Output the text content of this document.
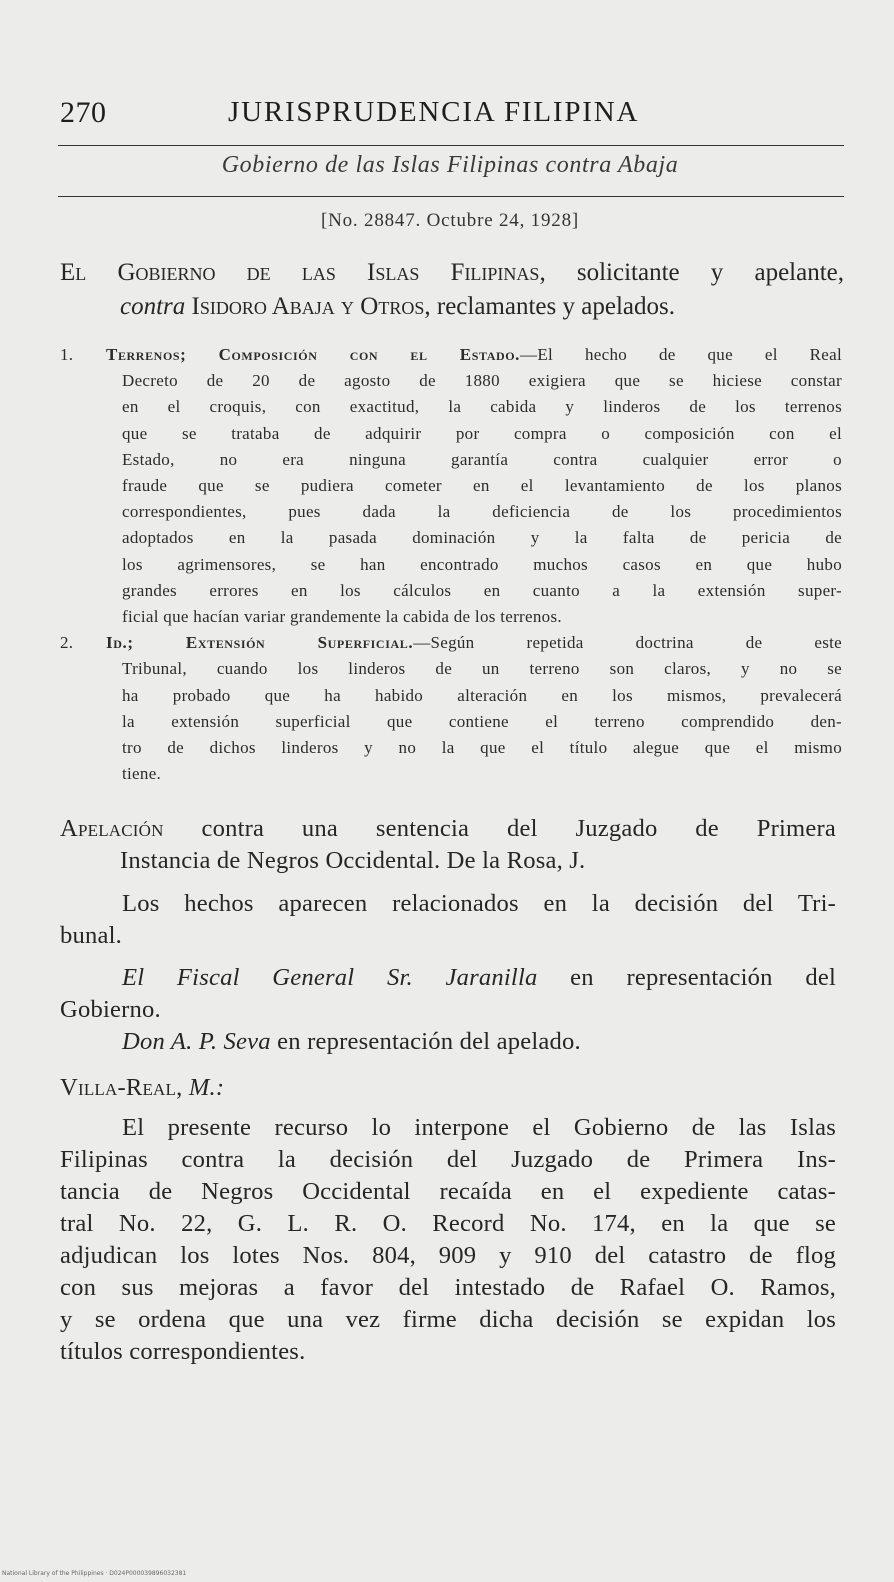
270	JURISPRUDENCIA FILIPINA
Gobierno de las Islas Filipinas contra Abaja
[No. 28847. Octubre 24, 1928]

El Gobierno de las Islas Filipinas, solicitante y apelante,

contra Isidoro Abaja y Otros, reclamantes y apelados.

1. Terrenos; Composición con el Estado.—El hecho de que el Real

Decreto de 20 de agosto de 1880 exigiera que se hiciese constar

en el croquis, con exactitud, la cabida y linderos de los terrenos

que se trataba de adquirir por compra o composición con el

Estado, no era ninguna garantía contra cualquier error o

fraude que se pudiera cometer en el levantamiento de los planos

correspondientes, pues dada la deficiencia de los procedimientos

adoptados en la pasada dominación y la falta de pericia de

los agrimensores, se han encontrado muchos casos en que hubo

grandes errores en los cálculos en cuanto a la extensión super-

ficial que hacían variar grandemente la cabida de los terrenos.

2. Id.; Extensión Superficial.—Según repetida doctrina de este

Tribunal, cuando los linderos de un terreno son claros, y no se

ha probado que ha habido alteración en los mismos, prevalecerá

la extensión superficial que contiene el terreno comprendido den-

tro de dichos linderos y no la que el título alegue que el mismo

tiene.

Apelación contra una sentencia del Juzgado de Primera

Instancia de Negros Occidental. De la Rosa, J.

Los hechos aparecen relacionados en la decisión del Tri-

bunal.

El Fiscal General Sr. Jaranilla en representación del

Gobierno.

Don A. P. Seva en representación del apelado.

Villa-Real, M.:

El presente recurso lo interpone el Gobierno de las Islas

Filipinas contra la decisión del Juzgado de Primera Ins-

tancia de Negros Occidental recaída en el expediente catas-

tral No. 22, G. L. R. O. Record No. 174, en la que se

adjudican los lotes Nos. 804, 909 y 910 del catastro de flog

con sus mejoras a favor del intestado de Rafael O. Ramos,

y se ordena que una vez firme dicha decisión se expidan los

títulos correspondientes.

National Library of the Philippines · D024P000039896032381
